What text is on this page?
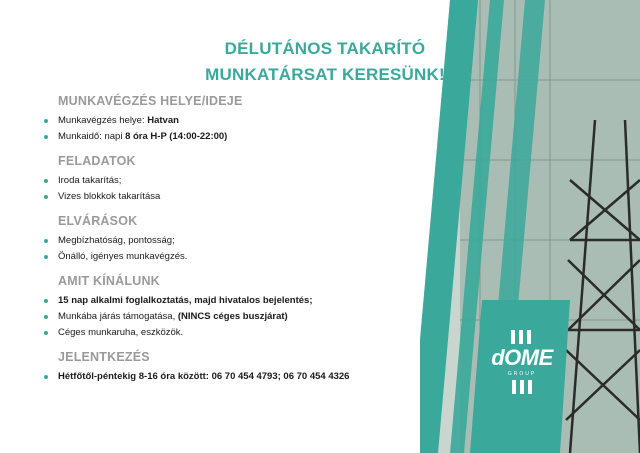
dOME
GROUP
DÉLUTÁNOS TAKARÍTÓ
MUNKATÁRSAT KERESÜNK!
MUNKAVÉGZÉS HELYE/IDEJE
Munkavégzés helye: Hatvan
Munkaidő: napi 8 óra H-P (14:00-22:00)
FELADATOK
Iroda takarítás;
Vizes blokkok takarítása
ELVÁRÁSOK
Megbízhatóság, pontosság;
Önálló, igényes munkavégzés.
AMIT KÍNÁLUNK
15 nap alkalmi foglalkoztatás, majd hivatalos bejelentés;
Munkába járás támogatása, (NINCS céges buszjárat)
Céges munkaruha, eszközök.
JELENTKEZÉS
Hétfőtől-péntekig 8-16 óra között: 06 70 454 4793; 06 70 454 4326
